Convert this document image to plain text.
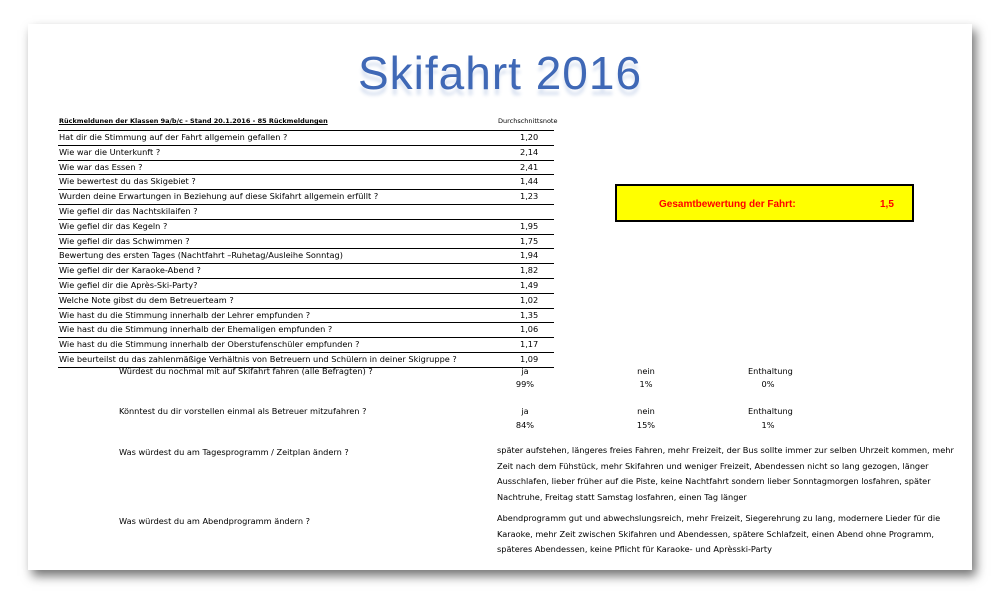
Skifahrt 2016
Rückmeldunen der Klassen 9a/b/c - Stand 20.1.2016 - 85 Rückmeldungen	Durchschnittsnote
Hat dir die Stimmung auf der Fahrt allgemein gefallen ?	1,20
Wie war die Unterkunft ?	2,14
Wie war das Essen ?	2,41
Wie bewertest du das Skigebiet ?	1,44
Wurden deine Erwartungen in Beziehung auf diese Skifahrt allgemein erfüllt ?	1,23
Wie gefiel dir das Nachtskilaifen ?
Wie gefiel dir das Kegeln ?	1,95
Wie gefiel dir das Schwimmen ?	1,75
Bewertung des ersten Tages (Nachtfahrt –Ruhetag/Ausleihe Sonntag)	1,94
Wie gefiel dir der Karaoke-Abend ?	1,82
Wie gefiel dir die Après-Ski-Party?	1,49
Welche Note gibst du dem Betreuerteam ?	1,02
Wie hast du die Stimmung innerhalb der Lehrer empfunden ?	1,35
Wie hast du die Stimmung innerhalb der Ehemaligen empfunden ?	1,06
Wie hast du die Stimmung innerhalb der Oberstufenschüler empfunden ?	1,17
Wie beurteilst du das zahlenmäßige Verhältnis von Betreuern und Schülern in deiner Skigruppe ?	1,09
Gesamtbewertung der Fahrt:	1,5
Würdest du nochmal mit auf Skifahrt fahren (alle Befragten) ?	ja	nein	Enthaltung
99%	1%	0%
Könntest du dir vorstellen einmal als Betreuer mitzufahren ?	ja	nein	Enthaltung
84%	15%	1%
Was würdest du am Tagesprogramm / Zeitplan ändern ?	später aufstehen, längeres freies Fahren, mehr Freizeit, der Bus sollte immer zur selben Uhrzeit kommen, mehr Zeit nach dem Fühstück, mehr Skifahren und weniger Freizeit, Abendessen nicht so lang gezogen, länger Ausschlafen, lieber früher auf die Piste, keine Nachtfahrt sondern lieber Sonntagmorgen losfahren, später Nachtruhe, Freitag statt Samstag losfahren, einen Tag länger
Was würdest du am Abendprogramm ändern ?	Abendprogramm gut und abwechslungsreich, mehr Freizeit, Siegerehrung zu lang, modernere Lieder für die Karaoke, mehr Zeit zwischen Skifahren und Abendessen, spätere Schlafzeit, einen Abend ohne Programm, späteres Abendessen, keine Pflicht für Karaoke- und Aprèsski-Party
